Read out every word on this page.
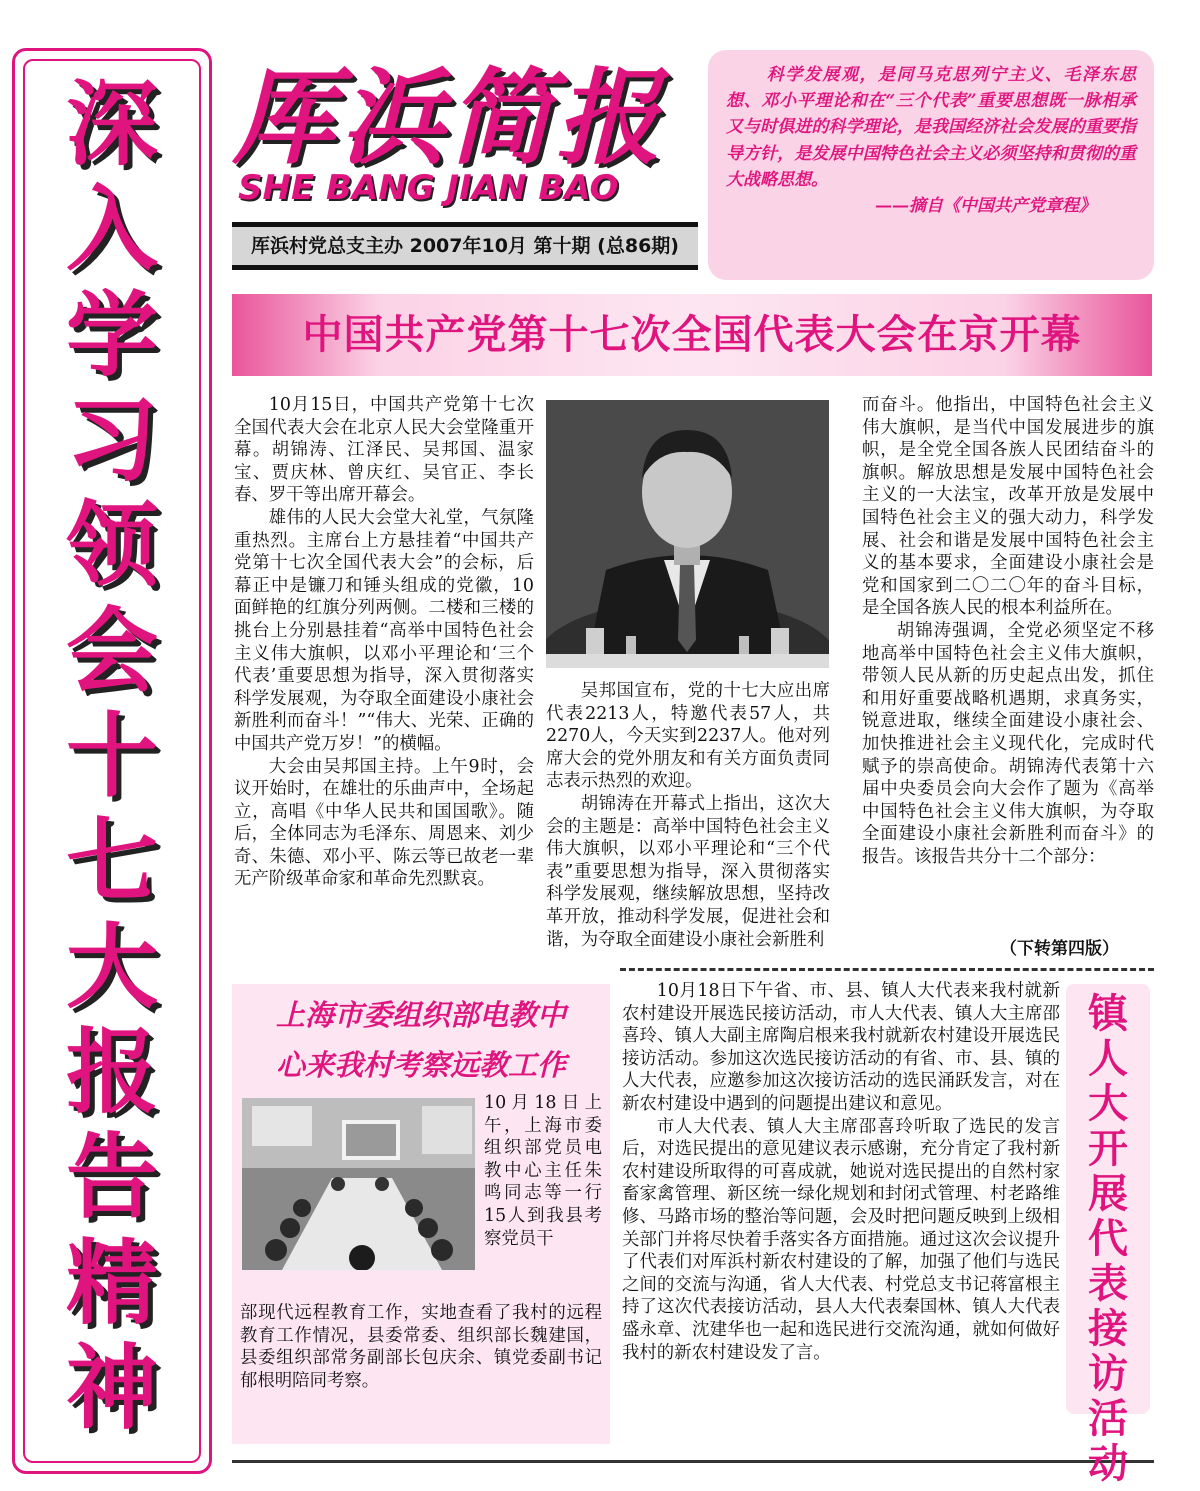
深
入
学
习
领
会
十
七
大
报
告
精
神
厍浜简报
SHE BANG JIAN BAO
厍浜村党总支主办 2007年10月 第十期 (总86期)

科学发展观，是同马克思列宁主义、毛泽东思想、邓小平理论和在“三个代表”重要思想既一脉相承又与时俱进的科学理论，是我国经济社会发展的重要指导方针，是发展中国特色社会主义必须坚持和贯彻的重大战略思想。

——摘自《中国共产党章程》
中国共产党第十七次全国代表大会在京开幕

10月15日，中国共产党第十七次全国代表大会在北京人民大会堂隆重开幕。胡锦涛、江泽民、吴邦国、温家宝、贾庆林、曾庆红、吴官正、李长春、罗干等出席开幕会。

雄伟的人民大会堂大礼堂，气氛隆重热烈。主席台上方悬挂着“中国共产党第十七次全国代表大会”的会标，后幕正中是镰刀和锤头组成的党徽，10面鲜艳的红旗分列两侧。二楼和三楼的挑台上分别悬挂着“高举中国特色社会主义伟大旗帜，以邓小平理论和‘三个代表’重要思想为指导，深入贯彻落实科学发展观，为夺取全面建设小康社会新胜利而奋斗！”“伟大、光荣、正确的中国共产党万岁！”的横幅。

大会由吴邦国主持。上午9时，会议开始时，在雄壮的乐曲声中，全场起立，高唱《中华人民共和国国歌》。随后，全体同志为毛泽东、周恩来、刘少奇、朱德、邓小平、陈云等已故老一辈无产阶级革命家和革命先烈默哀。

吴邦国宣布，党的十七大应出席代表2213人，特邀代表57人，共2270人，今天实到2237人。他对列席大会的党外朋友和有关方面负责同志表示热烈的欢迎。

胡锦涛在开幕式上指出，这次大会的主题是：高举中国特色社会主义伟大旗帜，以邓小平理论和“三个代表”重要思想为指导，深入贯彻落实科学发展观，继续解放思想，坚持改革开放，推动科学发展，促进社会和谐，为夺取全面建设小康社会新胜利

而奋斗。他指出，中国特色社会主义伟大旗帜，是当代中国发展进步的旗帜，是全党全国各族人民团结奋斗的旗帜。解放思想是发展中国特色社会主义的一大法宝，改革开放是发展中国特色社会主义的强大动力，科学发展、社会和谐是发展中国特色社会主义的基本要求，全面建设小康社会是党和国家到二〇二〇年的奋斗目标，是全国各族人民的根本利益所在。

胡锦涛强调，全党必须坚定不移地高举中国特色社会主义伟大旗帜，带领人民从新的历史起点出发，抓住和用好重要战略机遇期，求真务实，锐意进取，继续全面建设小康社会、加快推进社会主义现代化，完成时代赋予的崇高使命。胡锦涛代表第十六届中央委员会向大会作了题为《高举中国特色社会主义伟大旗帜，为夺取全面建设小康社会新胜利而奋斗》的报告。该报告共分十二个部分：

（下转第四版）
上海市委组织部电教中
心来我村考察远教工作

10月18日上午，上海市委组织部党员电教中心主任朱鸣同志等一行15人到我县考察党员干

部现代远程教育工作，实地查看了我村的远程教育工作情况，县委常委、组织部长魏建国，县委组织部常务副部长包庆余、镇党委副书记郁根明陪同考察。

10月18日下午省、市、县、镇人大代表来我村就新农村建设开展选民接访活动，市人大代表、镇人大主席邵喜玲、镇人大副主席陶启根来我村就新农村建设开展选民接访活动。参加这次选民接访活动的有省、市、县、镇的人大代表，应邀参加这次接访活动的选民涌跃发言，对在新农村建设中遇到的问题提出建议和意见。

市人大代表、镇人大主席邵喜玲听取了选民的发言后，对选民提出的意见建议表示感谢，充分肯定了我村新农村建设所取得的可喜成就，她说对选民提出的自然村家畜家禽管理、新区统一绿化规划和封闭式管理、村老路维修、马路市场的整治等问题，会及时把问题反映到上级相关部门并将尽快着手落实各方面措施。通过这次会议提升了代表们对厍浜村新农村建设的了解，加强了他们与选民之间的交流与沟通，省人大代表、村党总支书记蒋富根主持了这次代表接访活动，县人大代表秦国林、镇人大代表盛永章、沈建华也一起和选民进行交流沟通，就如何做好我村的新农村建设发了言。

镇
人
大
开
展
代
表
接
访
活
动
